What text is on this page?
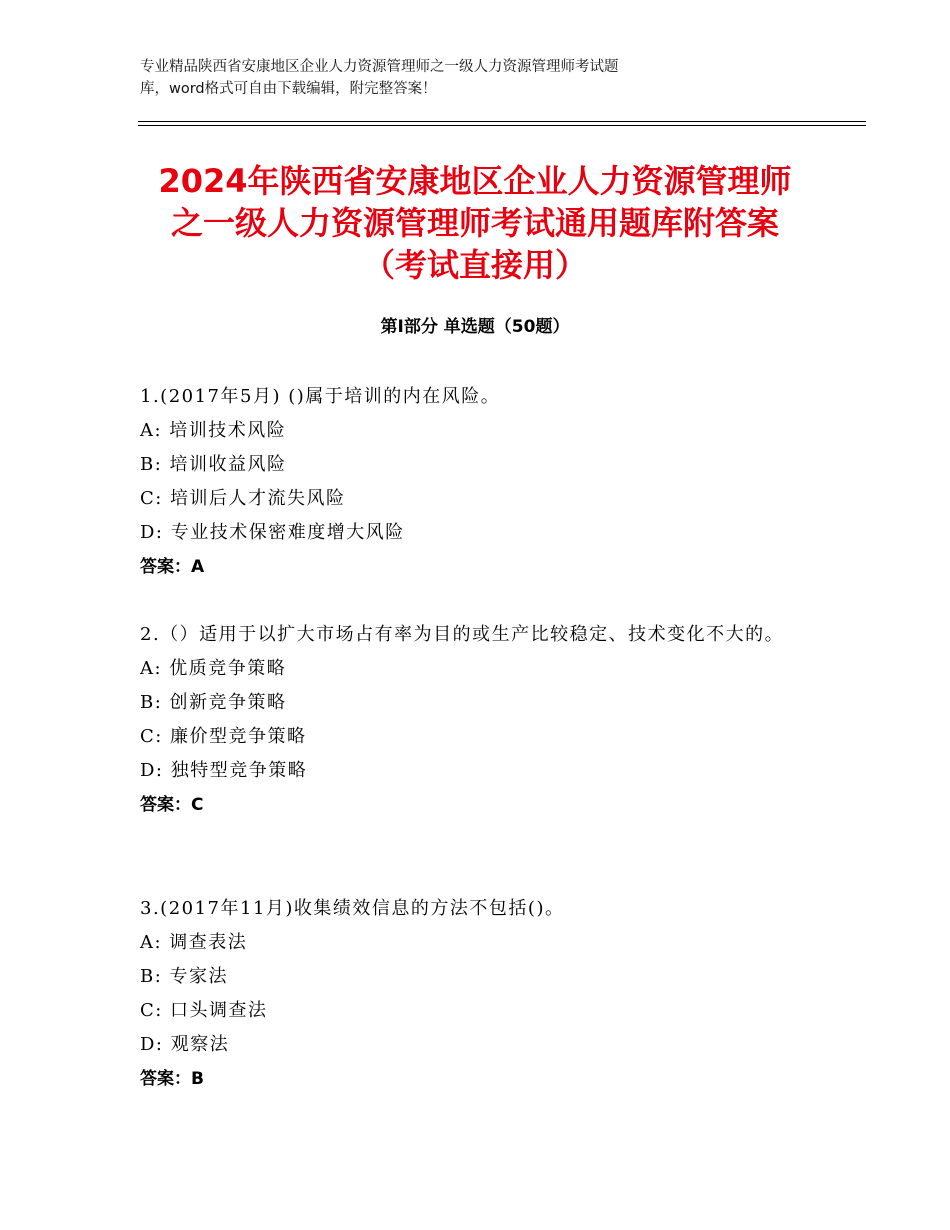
专业精品陕西省安康地区企业人力资源管理师之一级人力资源管理师考试题
库，word格式可自由下载编辑，附完整答案！
2024年陕西省安康地区企业人力资源管理师
之一级人力资源管理师考试通用题库附答案
（考试直接用）
第Ⅰ部分 单选题（50题）
1.(2017年5月) ()属于培训的内在风险。
A: 培训技术风险
B: 培训收益风险
C: 培训后人才流失风险
D: 专业技术保密难度增大风险
答案：A
2.（）适用于以扩大市场占有率为目的或生产比较稳定、技术变化不大的。
A: 优质竞争策略
B: 创新竞争策略
C: 廉价型竞争策略
D: 独特型竞争策略
答案：C
3.(2017年11月)收集绩效信息的方法不包括()。
A: 调查表法
B: 专家法
C: 口头调查法
D: 观察法
答案：B
